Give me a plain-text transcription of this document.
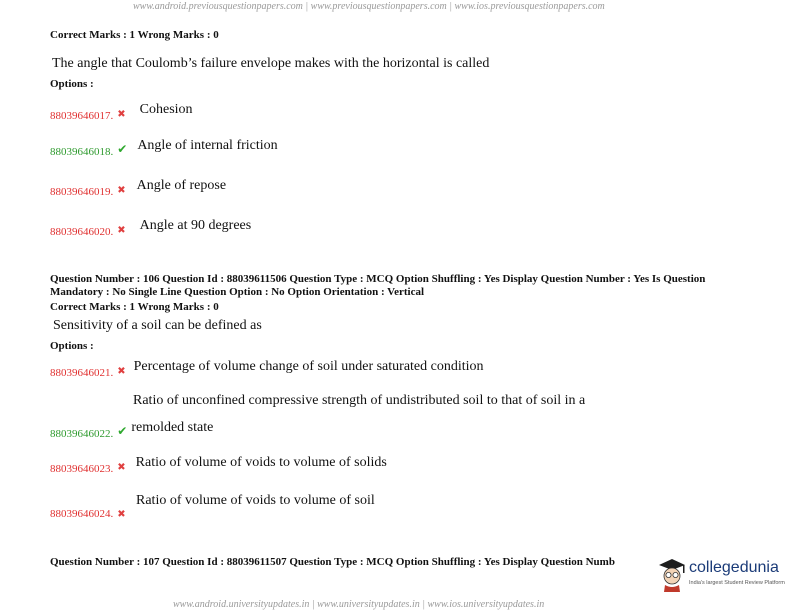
www.android.previousquestionpapers.com | www.previousquestionpapers.com | www.ios.previousquestionpapers.com
Correct Marks : 1 Wrong Marks : 0
The angle that Coulomb’s failure envelope makes with the horizontal is called
Options :
$_{88039646017.}$ $_✖$ Cohesion
$_{88039646018.}$ $_✔$ Angle of internal friction
$_{88039646019.}$ $_✖$ Angle of repose
$_{88039646020.}$ $_✖$ Angle at 90 degrees
Question Number : 106 Question Id : 88039611506 Question Type : MCQ Option Shuffling : Yes Display Question Number : Yes Is Question
Mandatory : No Single Line Question Option : No Option Orientation : Vertical
Correct Marks : 1 Wrong Marks : 0
Sensitivity of a soil can be defined as
Options :
$_{88039646021.}$ $_✖$ Percentage of volume change of soil under saturated condition
Ratio of unconfined compressive strength of undistributed soil to that of soil in a
$_{88039646022.}$ $_✔$ remolded state
$_{88039646023.}$ $_✖$ Ratio of volume of voids to volume of solids
Ratio of volume of voids to volume of soil
88039646024. ✖
Question Number : 107 Question Id : 88039611507 Question Type : MCQ Option Shuffling : Yes Display Question Numb	collegedunia
India's largest Student Review Platform
www.android.universityupdates.in | www.universityupdates.in | www.ios.universityupdates.in
